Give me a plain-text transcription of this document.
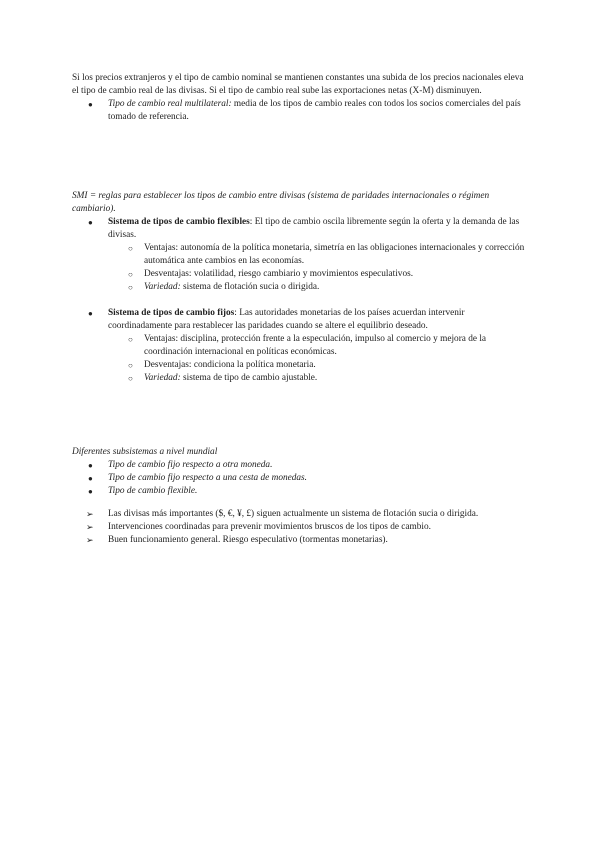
Si los precios extranjeros y el tipo de cambio nominal se mantienen constantes una subida de los precios nacionales eleva el tipo de cambio real de las divisas. Si el tipo de cambio real sube las exportaciones netas (X-M) disminuyen.

●	Tipo de cambio real multilateral: media de los tipos de cambio reales con todos los socios comerciales del país tomado de referencia.

SMI = reglas para establecer los tipos de cambio entre divisas (sistema de paridades internacionales o régimen cambiario).

●	Sistema de tipos de cambio flexibles: El tipo de cambio oscila libremente según la oferta y la demanda de las divisas.
○	Ventajas: autonomía de la política monetaria, simetría en las obligaciones internacionales y corrección automática ante cambios en las economías.
○	Desventajas: volatilidad, riesgo cambiario y movimientos especulativos.
○	Variedad: sistema de flotación sucia o dirigida.
●	Sistema de tipos de cambio fijos: Las autoridades monetarias de los países acuerdan intervenir coordinadamente para restablecer las paridades cuando se altere el equilibrio deseado.
○	Ventajas: disciplina, protección frente a la especulación, impulso al comercio y mejora de la coordinación internacional en políticas económicas.
○	Desventajas: condiciona la política monetaria.
○	Variedad: sistema de tipo de cambio ajustable.

Diferentes subsistemas a nivel mundial

●	Tipo de cambio fijo respecto a otra moneda.
●	Tipo de cambio fijo respecto a una cesta de monedas.
●	Tipo de cambio flexible.
➢	Las divisas más importantes ($, €, ¥, £) siguen actualmente un sistema de flotación sucia o dirigida.
➢	Intervenciones coordinadas para prevenir movimientos bruscos de los tipos de cambio.
➢	Buen funcionamiento general. Riesgo especulativo (tormentas monetarias).
